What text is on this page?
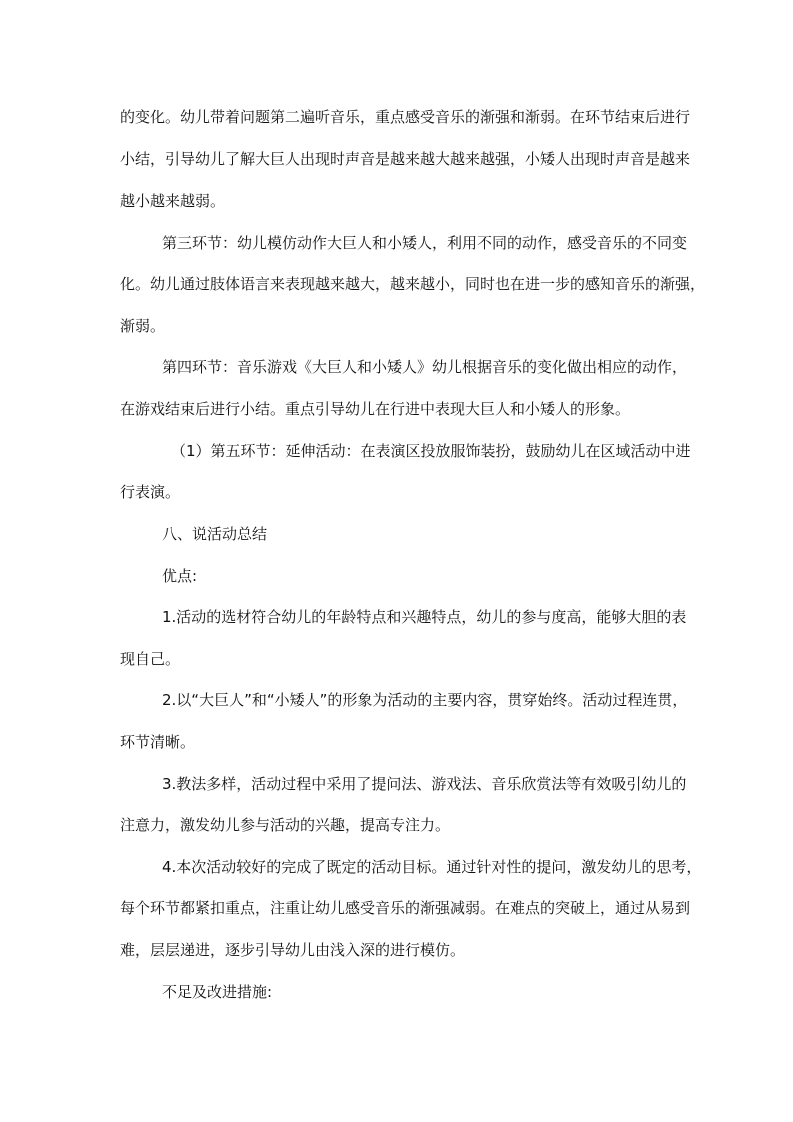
的变化。幼儿带着问题第二遍听音乐，重点感受音乐的渐强和渐弱。在环节结束后进行
小结，引导幼儿了解大巨人出现时声音是越来越大越来越强，小矮人出现时声音是越来
越小越来越弱。
第三环节：幼儿模仿动作大巨人和小矮人，利用不同的动作，感受音乐的不同变
化。幼儿通过肢体语言来表现越来越大，越来越小，同时也在进一步的感知音乐的渐强，
渐弱。
第四环节：音乐游戏《大巨人和小矮人》幼儿根据音乐的变化做出相应的动作，
在游戏结束后进行小结。重点引导幼儿在行进中表现大巨人和小矮人的形象。
（1）第五环节：延伸活动：在表演区投放服饰装扮，鼓励幼儿在区域活动中进
行表演。
八、说活动总结
优点:
1.活动的选材符合幼儿的年龄特点和兴趣特点，幼儿的参与度高，能够大胆的表
现自己。
2.以“大巨人”和“小矮人”的形象为活动的主要内容，贯穿始终。活动过程连贯，
环节清晰。
3.教法多样，活动过程中采用了提问法、游戏法、音乐欣赏法等有效吸引幼儿的
注意力，激发幼儿参与活动的兴趣，提高专注力。
4.本次活动较好的完成了既定的活动目标。通过针对性的提问，激发幼儿的思考，
每个环节都紧扣重点，注重让幼儿感受音乐的渐强减弱。在难点的突破上，通过从易到
难，层层递进，逐步引导幼儿由浅入深的进行模仿。
不足及改进措施:
